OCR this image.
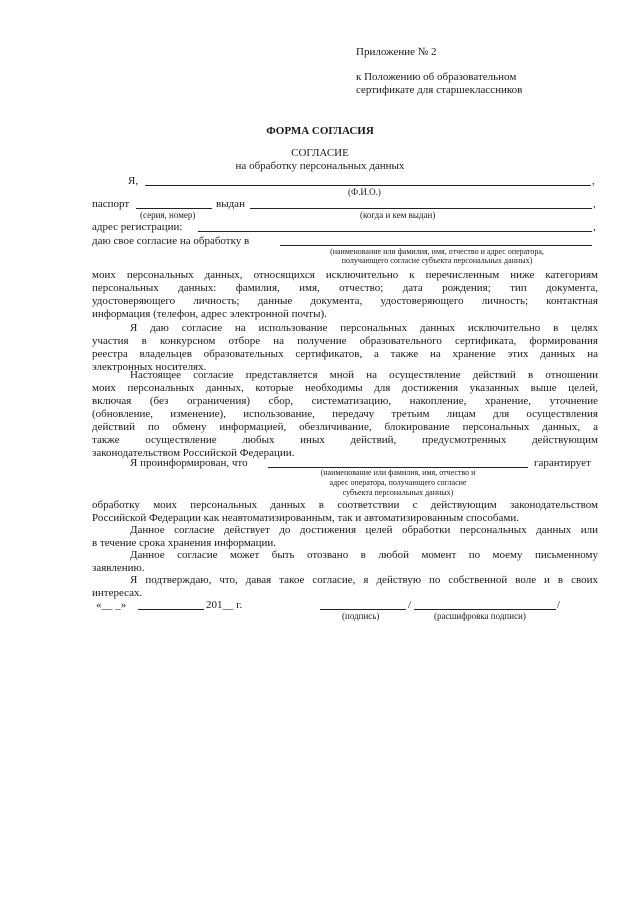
Приложение № 2
к Положению об образовательном
сертификате для старшеклассников
ФОРМА СОГЛАСИЯ
СОГЛАСИЕ
на обработку персональных данных
Я,	,
(Ф.И.О.)
паспорт	выдан	,
(серия, номер)	(когда и кем выдан)
адрес регистрации:	,
даю свое согласие на обработку в
(наименование или фамилия, имя, отчество и адрес оператора,
получающего согласие субъекта персональных данных)
моих персональных данных, относящихся исключительно к перечисленным ниже категориям
персональных данных: фамилия, имя, отчество; дата рождения; тип документа,
удостоверяющего личность; данные документа, удостоверяющего личность; контактная
информация (телефон, адрес электронной почты).
Я даю согласие на использование персональных данных исключительно в целях
участия в конкурсном отборе на получение образовательного сертификата, формирования
реестра владельцев образовательных сертификатов, а также на хранение этих данных на
электронных носителях.
Настоящее согласие представляется мной на осуществление действий в отношении
моих персональных данных, которые необходимы для достижения указанных выше целей,
включая (без ограничения) сбор, систематизацию, накопление, хранение, уточнение
(обновление, изменение), использование, передачу третьим лицам для осуществления
действий по обмену информацией, обезличивание, блокирование персональных данных, а
также осуществление любых иных действий, предусмотренных действующим
законодательством Российской Федерации.
Я проинформирован, что	гарантирует
(наименование или фамилия, имя, отчество и
адрес оператора, получающего согласие
субъекта персональных данных)
обработку моих персональных данных в соответствии с действующим законодательством
Российской Федерации как неавтоматизированным, так и автоматизированным способами.
Данное согласие действует до достижения целей обработки персональных данных или
в течение срока хранения информации.
Данное согласие может быть отозвано в любой момент по моему письменному
заявлению.
Я подтверждаю, что, давая такое согласие, я действую по собственной воле и в своих
интересах.
«__ _»	201__ г.	/	/
(подпись)	(расшифровка подписи)
